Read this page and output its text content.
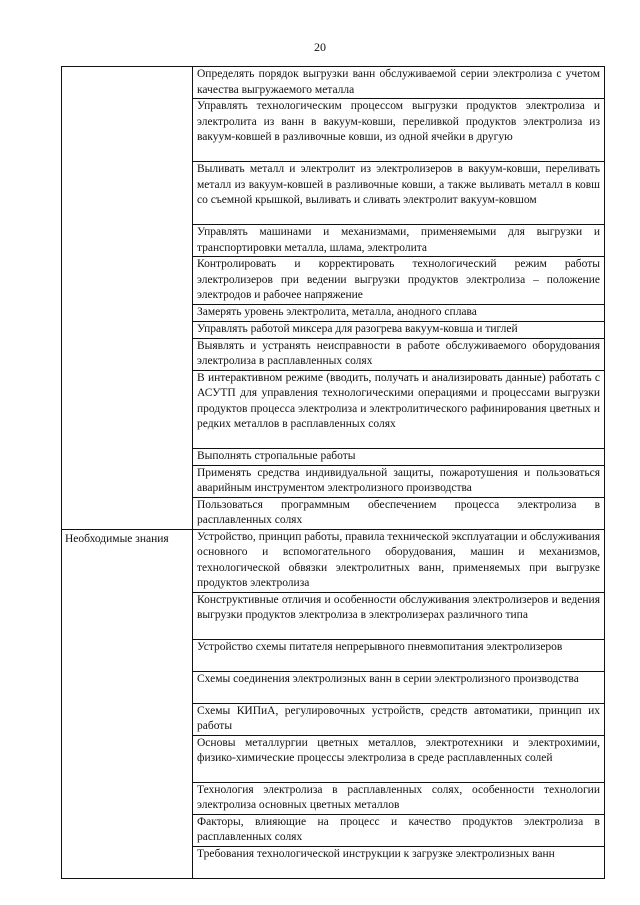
20
	Определять порядок выгрузки ванн обслуживаемой серии электролиза с учетом качества выгружаемого металла
	Управлять технологическим процессом выгрузки продуктов электролиза и электролита из ванн в вакуум-ковши, переливкой продуктов электролиза из вакуум-ковшей в разливочные ковши, из одной ячейки в другую
	Выливать металл и электролит из электролизеров в вакуум-ковши, переливать металл из вакуум-ковшей в разливочные ковши, а также выливать металл в ковш со съемной крышкой, выливать и сливать электролит вакуум-ковшом
	Управлять машинами и механизмами, применяемыми для выгрузки и транспортировки металла, шлама, электролита
	Контролировать и корректировать технологический режим работы электролизеров при ведении выгрузки продуктов электролиза – положение электродов и рабочее напряжение
	Замерять уровень электролита, металла, анодного сплава
	Управлять работой миксера для разогрева вакуум-ковша и тиглей
	Выявлять и устранять неисправности в работе обслуживаемого оборудования электролиза в расплавленных солях
	В интерактивном режиме (вводить, получать и анализировать данные) работать с АСУТП для управления технологическими операциями и процессами выгрузки продуктов процесса электролиза и электролитического рафинирования цветных и редких металлов в расплавленных солях
	Выполнять стропальные работы
	Применять средства индивидуальной защиты, пожаротушения и пользоваться аварийным инструментом электролизного производства
	Пользоваться программным обеспечением процесса электролиза в расплавленных солях
Необходимые знания	Устройство, принцип работы, правила технической эксплуатации и обслуживания основного и вспомогательного оборудования, машин и механизмов, технологической обвязки электролитных ванн, применяемых при выгрузке продуктов электролиза
	Конструктивные отличия и особенности обслуживания электролизеров и ведения выгрузки продуктов электролиза в электролизерах различного типа
	Устройство схемы питателя непрерывного пневмопитания электролизеров
	Схемы соединения электролизных ванн в серии электролизного производства
	Схемы КИПиА, регулировочных устройств, средств автоматики, принцип их работы
	Основы металлургии цветных металлов, электротехники и электрохимии, физико-химические процессы электролиза в среде расплавленных солей
	Технология электролиза в расплавленных солях, особенности технологии электролиза основных цветных металлов
	Факторы, влияющие на процесс и качество продуктов электролиза в расплавленных солях
	Требования технологической инструкции к загрузке электролизных ванн
